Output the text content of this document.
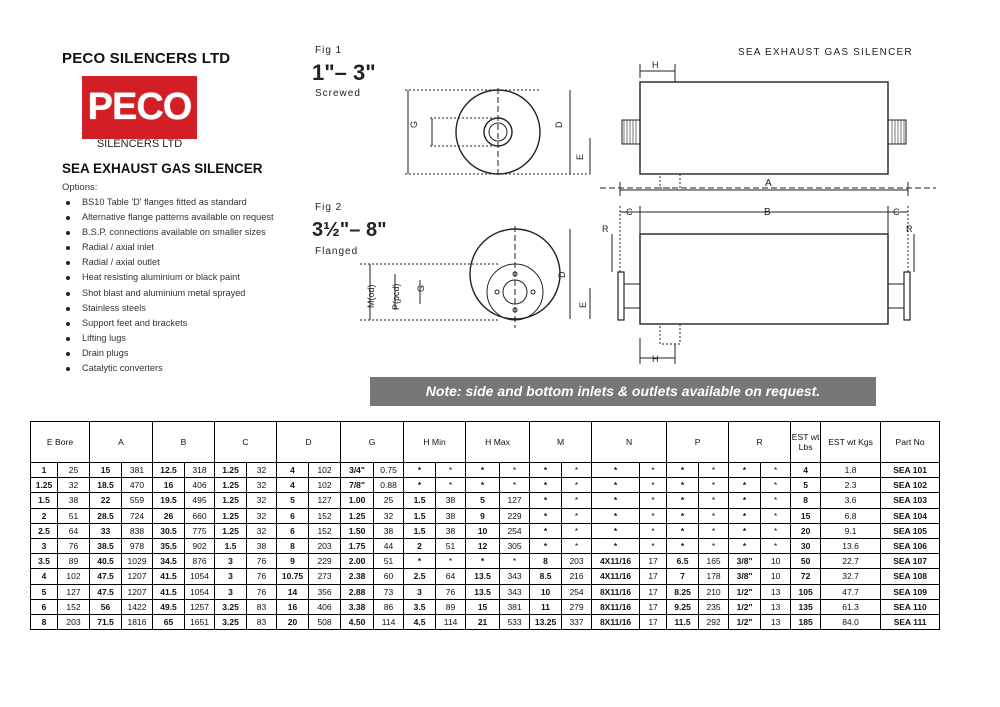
PECO SILENCERS LTD
PECO
SILENCERS LTD
SEA EXHAUST GAS SILENCER
Options:
BS10 Table 'D' flanges fitted as standard
Alternative flange patterns available on request
B.S.P. connections available on smaller sizes
Radial / axial inlet
Radial / axial outlet
Heat resisting aluminium or black paint
Shot blast and aluminium metal sprayed
Stainless steels
Support feet and brackets
Lifting lugs
Drain plugs
Catalytic converters
Fig 1
1"– 3"
Screwed
SEA EXHAUST GAS SILENCER
Fig 2
3½"– 8"
Flanged
G	D
E
H
A
M(od) P(pcd) G
D
E
C	B	C
R	R
H
Note: side and bottom inlets & outlets available on request.
E Bore		A		B		C		D		G		H Min		H Max		M		N		P		R		EST wt Lbs	EST wt Kgs	Part No
1	25	15	381	12.5	318	1.25	32	4	102	3/4"	0.75	*	*	*	*	*	*	*	*	*	*	*	*	4	1.8	SEA 101
1.25	32	18.5	470	16	406	1.25	32	4	102	7/8"	0.88	*	*	*	*	*	*	*	*	*	*	*	*	5	2.3	SEA 102
1.5	38	22	559	19.5	495	1.25	32	5	127	1.00	25	1.5	38	5	127	*	*	*	*	*	*	*	*	8	3.6	SEA 103
2	51	28.5	724	26	660	1.25	32	6	152	1.25	32	1.5	38	9	229	*	*	*	*	*	*	*	*	15	6.8	SEA 104
2.5	64	33	838	30.5	775	1.25	32	6	152	1.50	38	1.5	38	10	254	*	*	*	*	*	*	*	*	20	9.1	SEA 105
3	76	38.5	978	35.5	902	1.5	38	8	203	1.75	44	2	51	12	305	*	*	*	*	*	*	*	*	30	13.6	SEA 106
3.5	89	40.5	1029	34.5	876	3	76	9	229	2.00	51	*	*	*	*	8	203	4X11/16	17	6.5	165	3/8"	10	50	22.7	SEA 107
4	102	47.5	1207	41.5	1054	3	76	10.75	273	2.38	60	2.5	64	13.5	343	8.5	216	4X11/16	17	7	178	3/8"	10	72	32.7	SEA 108
5	127	47.5	1207	41.5	1054	3	76	14	356	2.88	73	3	76	13.5	343	10	254	8X11/16	17	8.25	210	1/2"	13	105	47.7	SEA 109
6	152	56	1422	49.5	1257	3.25	83	16	406	3.38	86	3.5	89	15	381	11	279	8X11/16	17	9.25	235	1/2"	13	135	61.3	SEA 110
8	203	71.5	1816	65	1651	3.25	83	20	508	4.50	114	4.5	114	21	533	13.25	337	8X11/16	17	11.5	292	1/2"	13	185	84.0	SEA 111
